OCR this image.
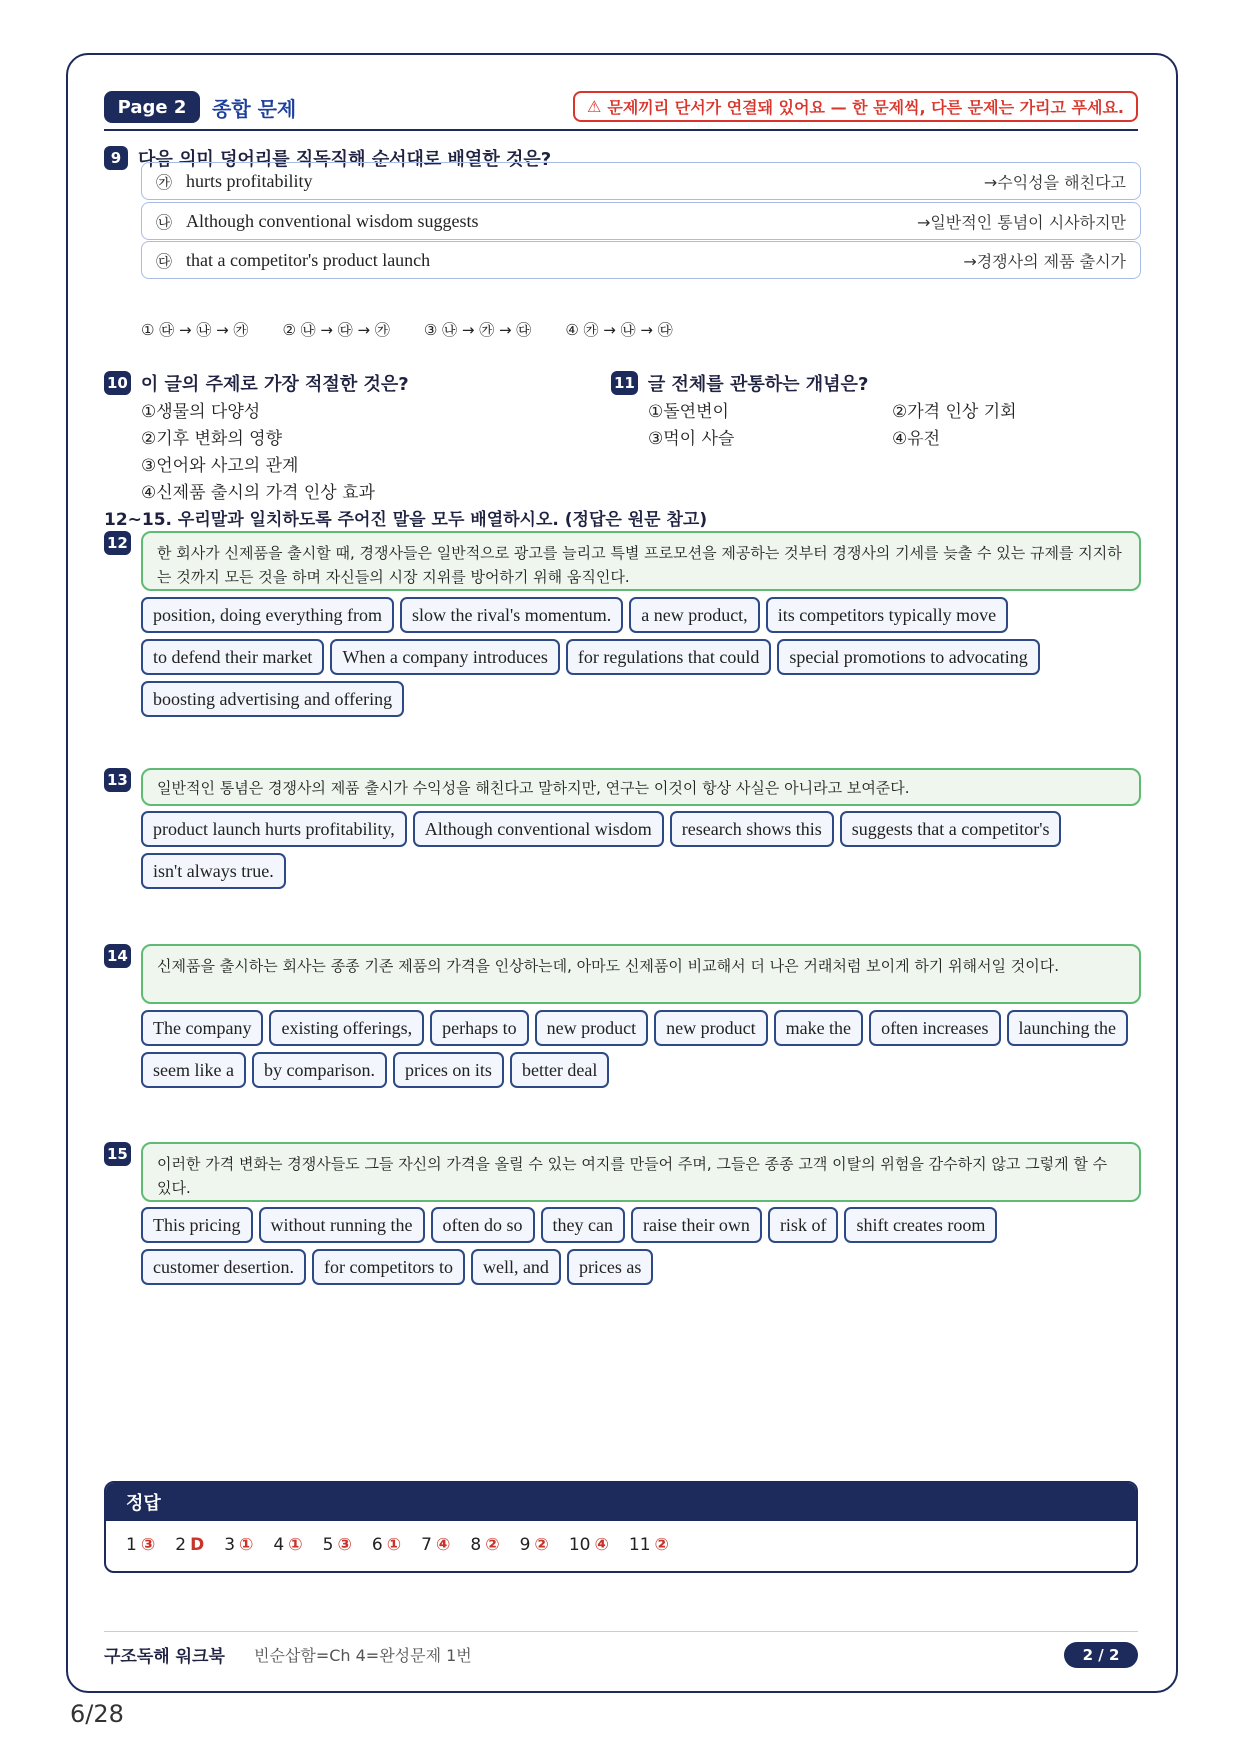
Page 2	종합 문제	⚠ 문제끼리 단서가 연결돼 있어요 — 한 문제씩, 다른 문제는 가리고 푸세요.
9 다음 의미 덩어리를 직독직해 순서대로 배열한 것은?
㉮ hurts profitability	→수익성을 해친다고
㉯ Although conventional wisdom suggests	→일반적인 통념이 시사하지만
㉰ that a competitor's product launch	→경쟁사의 제품 출시가
① ㉰ → ㉯ → ㉮ ② ㉯ → ㉰ → ㉮ ③ ㉯ → ㉮ → ㉰ ④ ㉮ → ㉯ → ㉰
10 이 글의 주제로 가장 적절한 것은?
①생물의 다양성
②기후 변화의 영향
③언어와 사고의 관계
④신제품 출시의 가격 인상 효과
11 글 전체를 관통하는 개념은?
①돌연변이	②가격 인상 기회
③먹이 사슬	④유전
12~15. 우리말과 일치하도록 주어진 말을 모두 배열하시오. (정답은 원문 참고)
12
한 회사가 신제품을 출시할 때, 경쟁사들은 일반적으로 광고를 늘리고 특별 프로모션을 제공하는 것부터 경쟁사의 기세를 늦출 수 있는 규제를 지지하는 것까지 모든 것을 하며 자신들의 시장 지위를 방어하기 위해 움직인다.
position, doing everything from	slow the rival's momentum.	a new product,	its competitors typically move
to defend their market	When a company introduces	for regulations that could	special promotions to advocating
boosting advertising and offering
13	일반적인 통념은 경쟁사의 제품 출시가 수익성을 해친다고 말하지만, 연구는 이것이 항상 사실은 아니라고 보여준다.
product launch hurts profitability,	Although conventional wisdom	research shows this	suggests that a competitor's
isn't always true.
14
신제품을 출시하는 회사는 종종 기존 제품의 가격을 인상하는데, 아마도 신제품이 비교해서 더 나은 거래처럼 보이게 하기 위해서일 것이다.
The company	existing offerings,	perhaps to	new product	new product	make the	often increases	launching the
seem like a	by comparison.	prices on its	better deal
15
이러한 가격 변화는 경쟁사들도 그들 자신의 가격을 올릴 수 있는 여지를 만들어 주며, 그들은 종종 고객 이탈의 위험을 감수하지 않고 그렇게 할 수 있다.
This pricing	without running the	often do so	they can	raise their own	risk of	shift creates room
customer desertion.	for competitors to	well, and	prices as
정답
1 ③ 2 D 3 ① 4 ① 5 ③ 6 ① 7 ④ 8 ② 9 ② 10 ④ 11 ②
구조독해 워크북 빈순삽함=Ch 4=완성문제 1번	2 / 2
6/28
